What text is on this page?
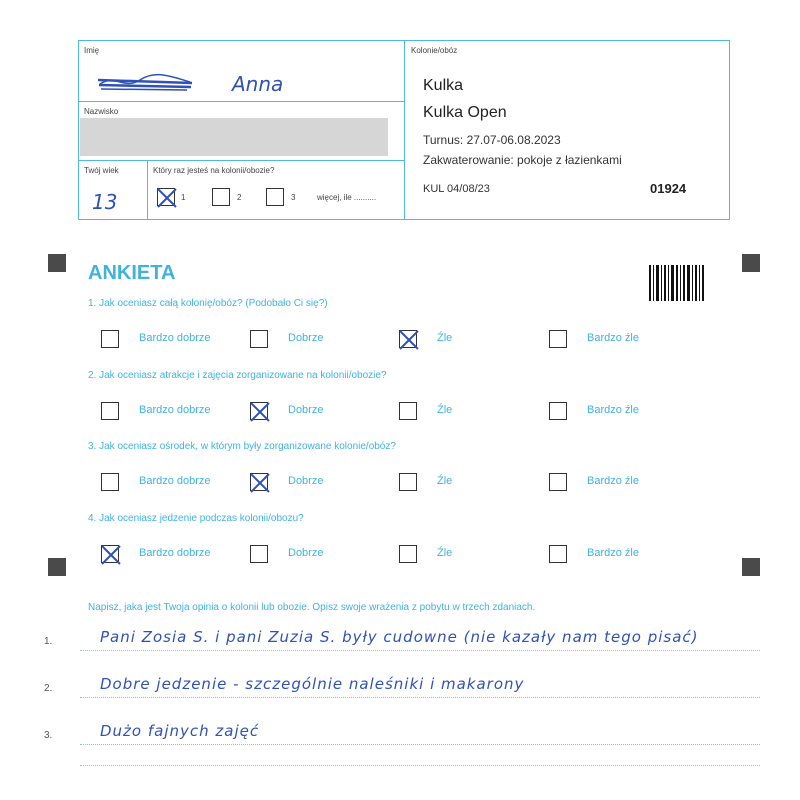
Imię
Anna
Nazwisko
Twój wiek
13
Który raz jesteś na kolonii/obozie?
1	2	3	więcej, ile ..........
Kolonie/obóz
Kulka
Kulka Open
Turnus: 27.07-06.08.2023
Zakwaterowanie: pokoje z łazienkami
KUL 04/08/23	01924
ANKIETA
1. Jak oceniasz całą kolonię/obóz? (Podobało Ci się?)
Bardzo dobrze	Dobrze	Źle	Bardzo źle
2. Jak oceniasz atrakcje i zajęcia zorganizowane na kolonii/obozie?
Bardzo dobrze	Dobrze	Źle	Bardzo źle
3. Jak oceniasz ośrodek, w którym były zorganizowane kolonie/obóz?
Bardzo dobrze	Dobrze	Źle	Bardzo źle
4. Jak oceniasz jedzenie podczas kolonii/obozu?
Bardzo dobrze	Dobrze	Źle	Bardzo źle
Napisz, jaka jest Twoja opinia o kolonii lub obozie. Opisz swoje wrażenia z pobytu w trzech zdaniach.
1.	Pani Zosia S. i pani Zuzia S. były cudowne (nie kazały nam tego pisać)
2.	Dobre jedzenie - szczególnie naleśniki i makarony
3.	Dużo fajnych zajęć
